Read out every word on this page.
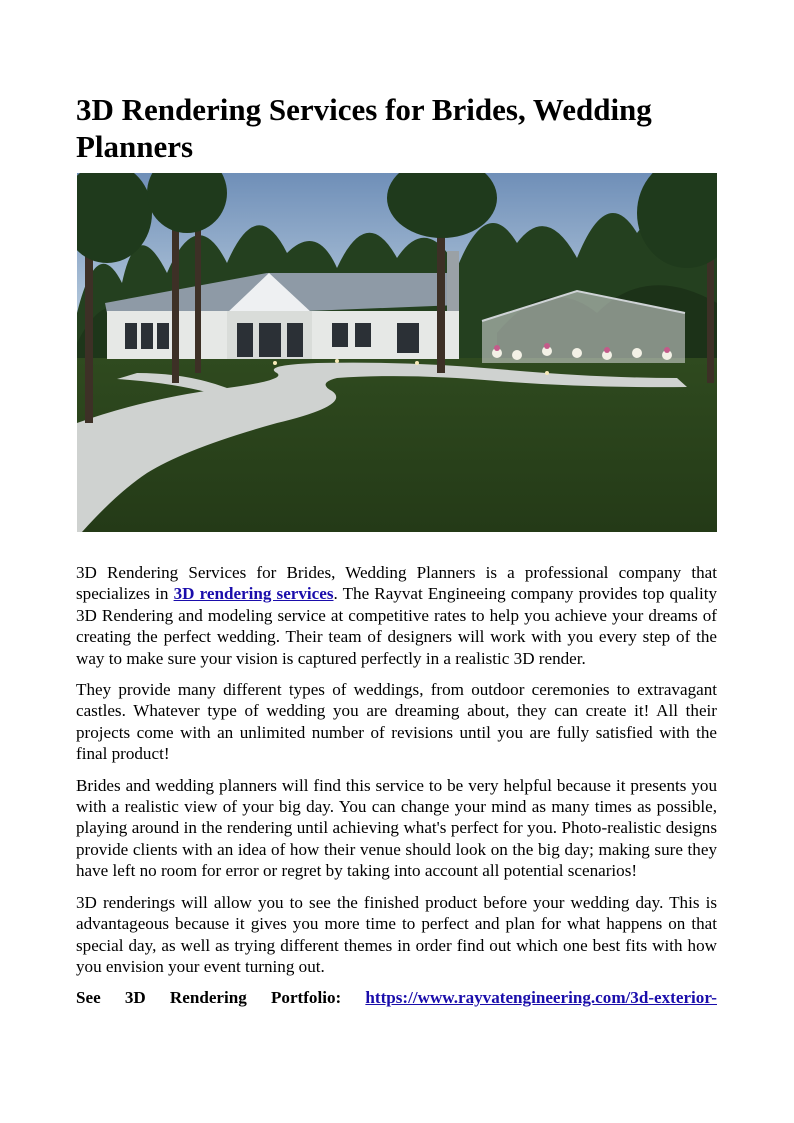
3D Rendering Services for Brides, Wedding Planners

3D Rendering Services for Brides, Wedding Planners is a professional company that specializes in 3D rendering services. The Rayvat Engineeing company provides top quality 3D Rendering and modeling service at competitive rates to help you achieve your dreams of creating the perfect wedding. Their team of designers will work with you every step of the way to make sure your vision is captured perfectly in a realistic 3D render.

They provide many different types of weddings, from outdoor ceremonies to extravagant castles. Whatever type of wedding you are dreaming about, they can create it! All their projects come with an unlimited number of revisions until you are fully satisfied with the final product!

Brides and wedding planners will find this service to be very helpful because it presents you with a realistic view of your big day. You can change your mind as many times as possible, playing around in the rendering until achieving what's perfect for you. Photo-realistic designs provide clients with an idea of how their venue should look on the big day; making sure they have left no room for error or regret by taking into account all potential scenarios!

3D renderings will allow you to see the finished product before your wedding day. This is advantageous because it gives you more time to perfect and plan for what happens on that special day, as well as trying different themes in order find out which one best fits with how you envision your event turning out.

See 3D Rendering Portfolio: https://www.rayvatengineering.com/3d-exterior-
